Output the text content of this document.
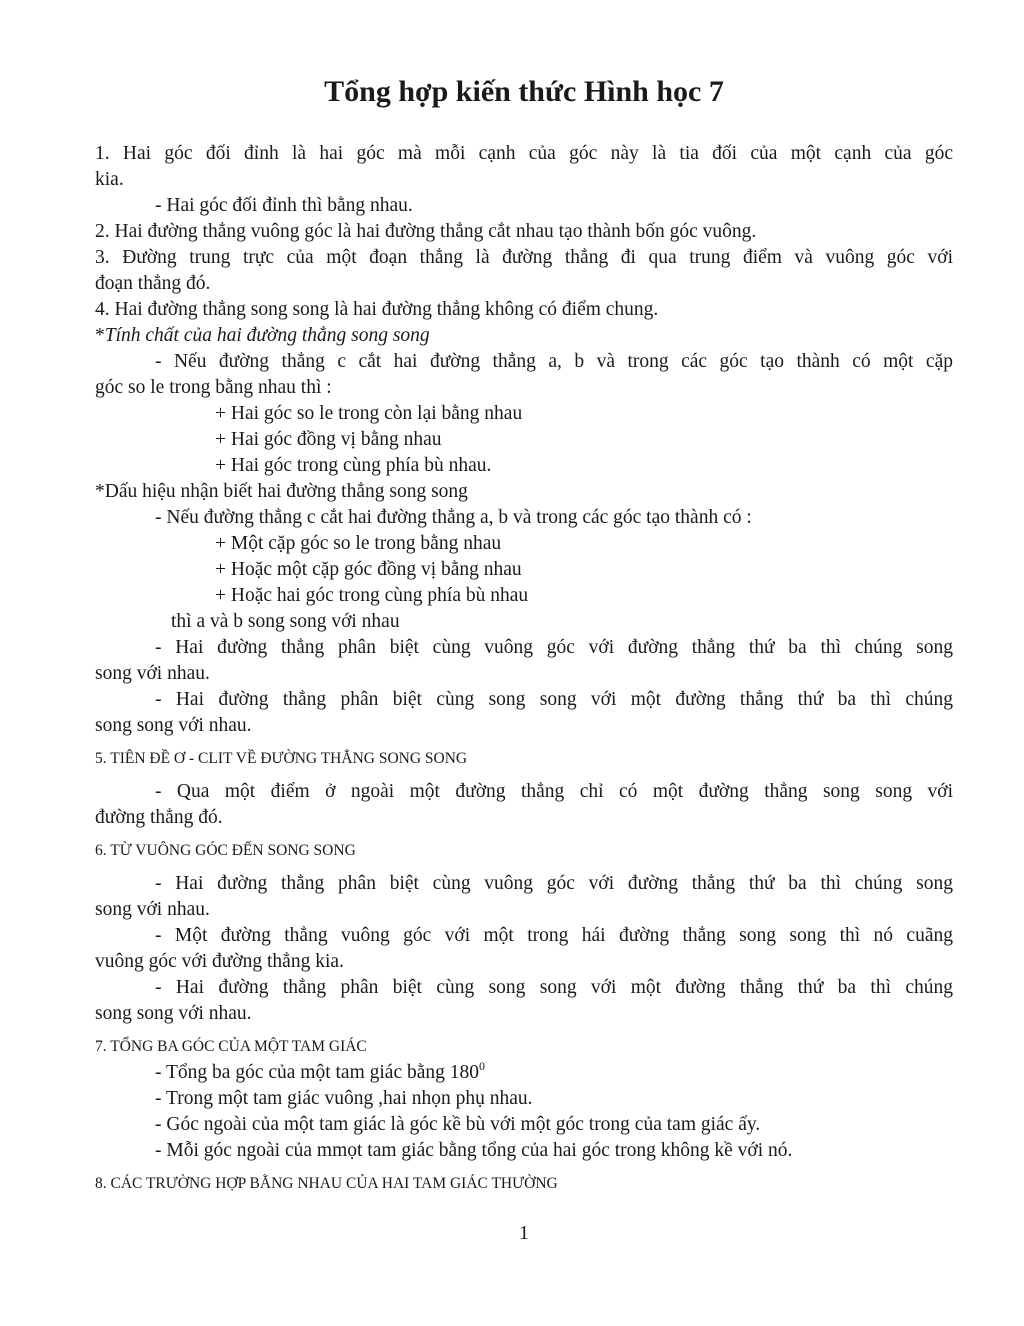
Tổng hợp kiến thức Hình học 7

1. Hai góc đối đỉnh là hai góc mà mỗi cạnh của góc này là tia đối của một cạnh của góc

kia.

- Hai góc đối đỉnh thì bằng nhau.

2. Hai đường thẳng vuông góc là hai đường thẳng cắt nhau tạo thành bốn góc vuông.

3. Đường trung trực của một đoạn thẳng là đường thẳng đi qua trung điểm và vuông góc với

đoạn thẳng đó.

4. Hai đường thẳng song song là hai đường thẳng không có điểm chung.

*Tính chất của hai đường thẳng song song

- Nếu đường thẳng c cắt hai đường thẳng a, b và trong các góc tạo thành có một cặp

góc so le trong bằng nhau thì :

+ Hai góc so le trong còn lại bằng nhau

+ Hai góc đồng vị bằng nhau

+ Hai góc trong cùng phía bù nhau.

*Dấu hiệu nhận biết hai đường thẳng song song

- Nếu đường thẳng c cắt hai đường thẳng a, b và trong các góc tạo thành có :

+ Một cặp góc so le trong bằng nhau

+ Hoặc một cặp góc đồng vị bằng nhau

+ Hoặc hai góc trong cùng phía bù nhau

thì a và b song song với nhau

- Hai đường thẳng phân biệt cùng vuông góc với đường thẳng thứ ba thì chúng song

song với nhau.

- Hai đường thẳng phân biệt cùng song song với một đường thẳng thứ ba thì chúng

song song với nhau.

5. TIÊN ĐỀ Ơ - CLIT VỀ ĐƯỜNG THẲNG SONG SONG

- Qua một điểm ở ngoài một đường thẳng chỉ có một đường thẳng song song với

đường thẳng đó.

6. TỪ VUÔNG GÓC ĐẾN SONG SONG

- Hai đường thẳng phân biệt cùng vuông góc với đường thẳng thứ ba thì chúng song

song với nhau.

- Một đường thẳng vuông góc với một trong hái đường thẳng song song thì nó cuãng

vuông góc với đường thẳng kia.

- Hai đường thẳng phân biệt cùng song song với một đường thẳng thứ ba thì chúng

song song với nhau.

7. TỔNG BA GÓC CỦA MỘT TAM GIÁC

- Tổng ba góc của một tam giác bằng $180^0$

- Trong một tam giác vuông ,hai nhọn phụ nhau.

- Góc ngoài của một tam giác là góc kề bù với một góc trong của tam giác ấy.

- Mỗi góc ngoài của mmọt tam giác bằng tổng của hai góc trong không kề với nó.

8. CÁC TRƯỜNG HỢP BẰNG NHAU CỦA HAI TAM GIÁC THƯỜNG

1
